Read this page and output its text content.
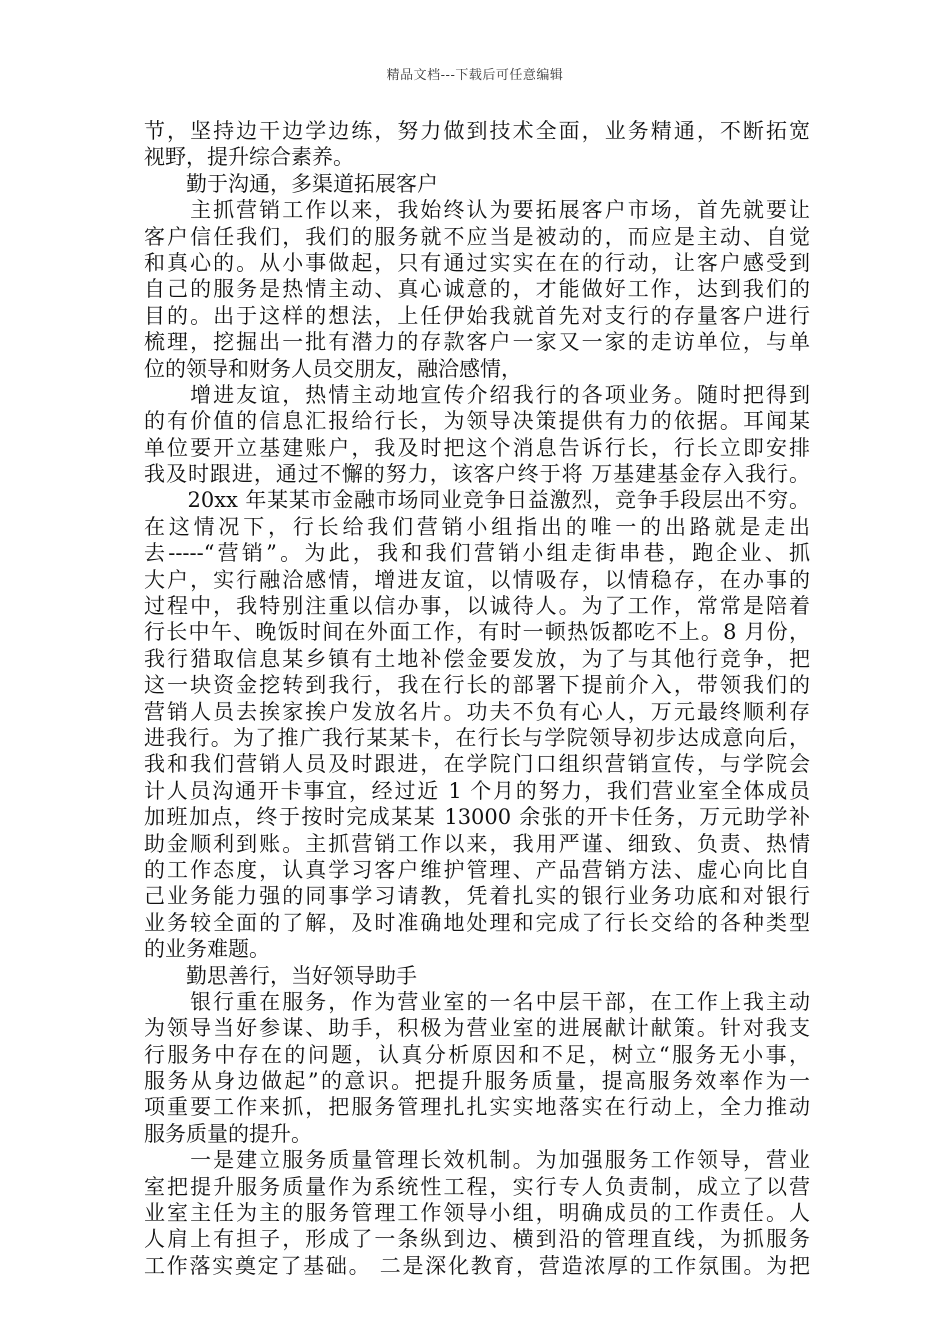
精品文档---下载后可任意编辑
节，坚持边干边学边练，努力做到技术全面，业务精通，不断拓宽
视野，提升综合素养。
　　勤于沟通，多渠道拓展客户
　　主抓营销工作以来，我始终认为要拓展客户市场，首先就要让
客户信任我们，我们的服务就不应当是被动的，而应是主动、自觉
和真心的。从小事做起，只有通过实实在在的行动，让客户感受到
自己的服务是热情主动、真心诚意的，才能做好工作，达到我们的
目的。出于这样的想法，上任伊始我就首先对支行的存量客户进行
梳理，挖掘出一批有潜力的存款客户一家又一家的走访单位，与单
位的领导和财务人员交朋友，融洽感情，
　　增进友谊，热情主动地宣传介绍我行的各项业务。随时把得到
的有价值的信息汇报给行长，为领导决策提供有力的依据。耳闻某
单位要开立基建账户，我及时把这个消息告诉行长，行长立即安排
我及时跟进，通过不懈的努力，该客户终于将 万基建基金存入我行。
　　20xx 年某某市金融市场同业竞争日益激烈，竞争手段层出不穷。
在这情况下，行长给我们营销小组指出的唯一的出路就是走出
去-----“营销”。为此，我和我们营销小组走街串巷，跑企业、抓
大户，实行融洽感情，增进友谊，以情吸存，以情稳存，在办事的
过程中，我特别注重以信办事，以诚待人。为了工作，常常是陪着
行长中午、晚饭时间在外面工作，有时一顿热饭都吃不上。8 月份，
我行猎取信息某乡镇有土地补偿金要发放，为了与其他行竞争，把
这一块资金挖转到我行，我在行长的部署下提前介入，带领我们的
营销人员去挨家挨户发放名片。功夫不负有心人，万元最终顺利存
进我行。为了推广我行某某卡，在行长与学院领导初步达成意向后，
我和我们营销人员及时跟进，在学院门口组织营销宣传，与学院会
计人员沟通开卡事宜，经过近 1 个月的努力，我们营业室全体成员
加班加点，终于按时完成某某 13000 余张的开卡任务，万元助学补
助金顺利到账。主抓营销工作以来，我用严谨、细致、负责、热情
的工作态度，认真学习客户维护管理、产品营销方法、虚心向比自
己业务能力强的同事学习请教，凭着扎实的银行业务功底和对银行
业务较全面的了解，及时准确地处理和完成了行长交给的各种类型
的业务难题。
　　勤思善行，当好领导助手
　　银行重在服务，作为营业室的一名中层干部，在工作上我主动
为领导当好参谋、助手，积极为营业室的进展献计献策。针对我支
行服务中存在的问题，认真分析原因和不足，树立“服务无小事，
服务从身边做起”的意识。把提升服务质量，提高服务效率作为一
项重要工作来抓，把服务管理扎扎实实地落实在行动上，全力推动
服务质量的提升。
　　一是建立服务质量管理长效机制。为加强服务工作领导，营业
室把提升服务质量作为系统性工程，实行专人负责制，成立了以营
业室主任为主的服务管理工作领导小组，明确成员的工作责任。人
人肩上有担子，形成了一条纵到边、横到沿的管理直线，为抓服务
工作落实奠定了基础。 二是深化教育，营造浓厚的工作氛围。为把
